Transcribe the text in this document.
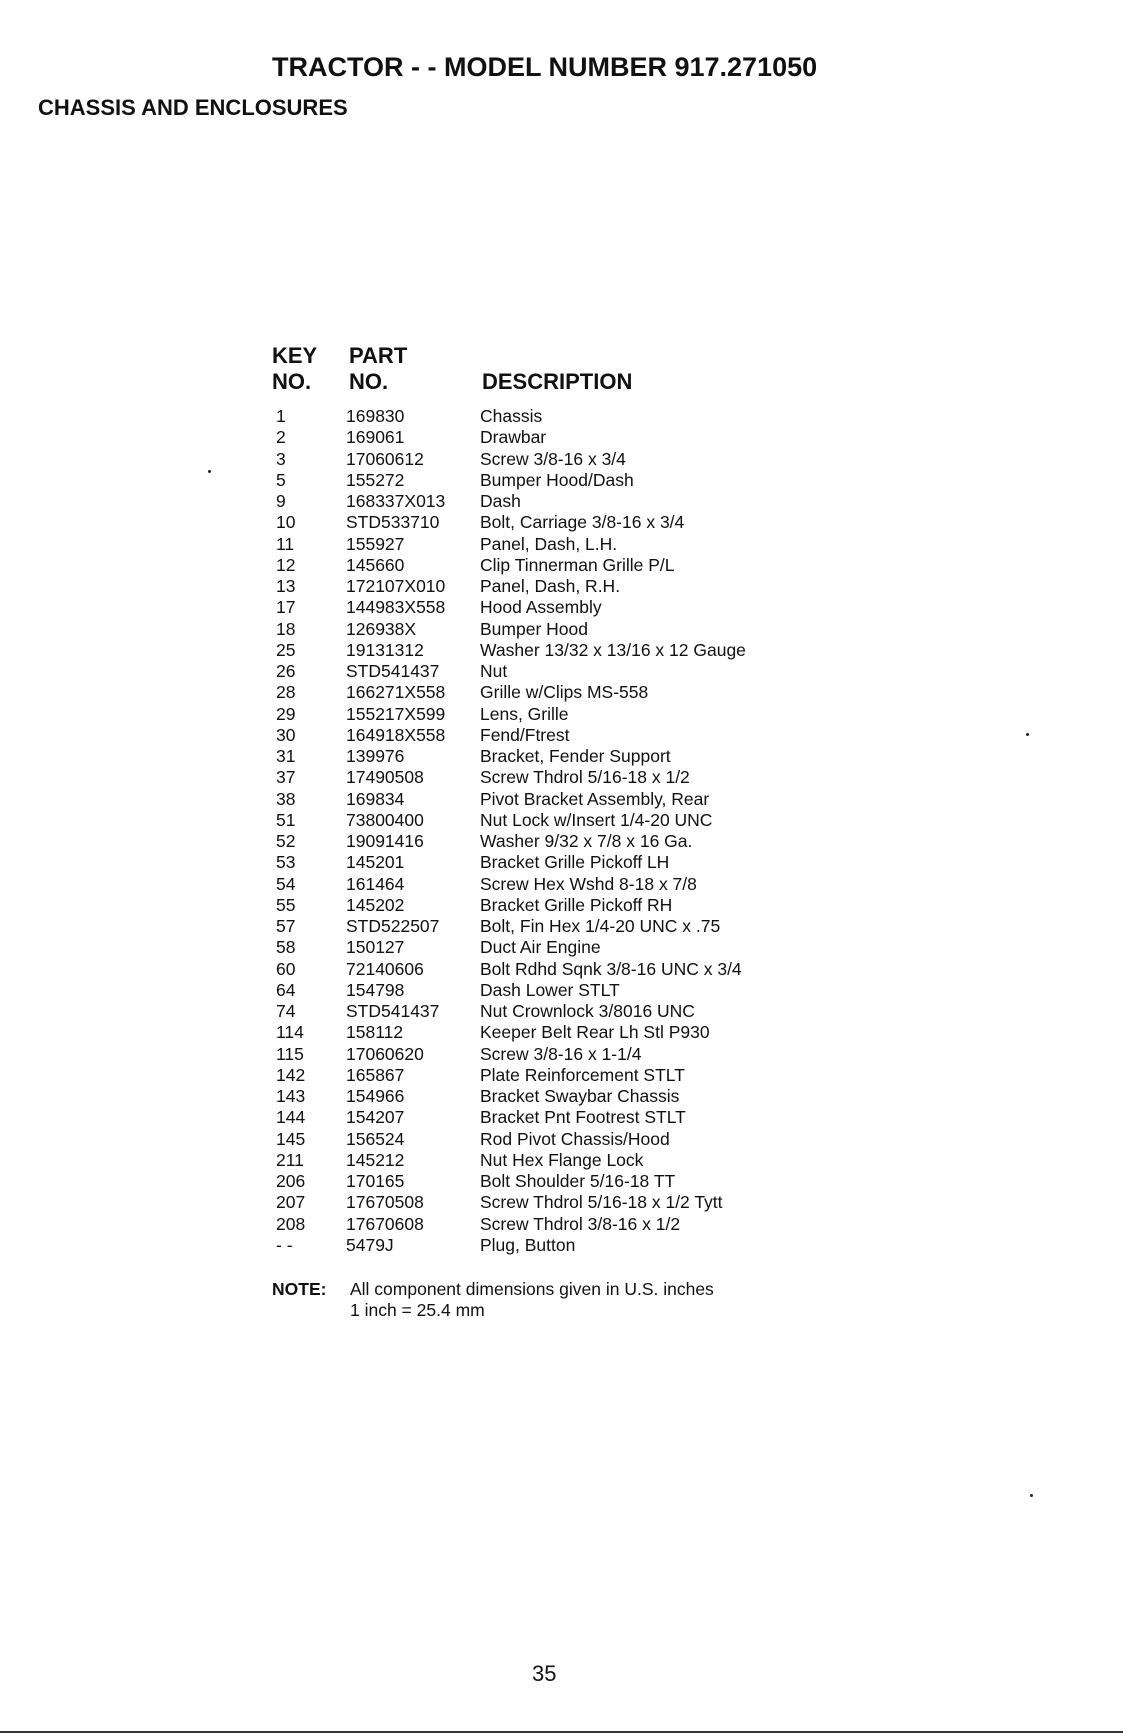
TRACTOR - - MODEL NUMBER 917.271050
CHASSIS AND ENCLOSURES
KEY
NO.
PART
NO.	DESCRIPTION
1	169830	Chassis
2	169061	Drawbar
3	17060612	Screw 3/8-16 x 3/4
5	155272	Bumper Hood/Dash
9	168337X013 Dash
10	STD533710 Bolt, Carriage 3/8-16 x 3/4
11	155927	Panel, Dash, L.H.
12	145660	Clip Tinnerman Grille P/L
13	172107X010 Panel, Dash, R.H.
17	144983X558 Hood Assembly
18	126938X	Bumper Hood
25	19131312	Washer 13/32 x 13/16 x 12 Gauge
26	STD541437 Nut
28	166271X558 Grille w/Clips MS-558
29	155217X599 Lens, Grille
30	164918X558 Fend/Ftrest
31	139976	Bracket, Fender Support
37	17490508	Screw Thdrol 5/16-18 x 1/2
38	169834	Pivot Bracket Assembly, Rear
51	73800400	Nut Lock w/Insert 1/4-20 UNC
52	19091416	Washer 9/32 x 7/8 x 16 Ga.
53	145201	Bracket Grille Pickoff LH
54	161464	Screw Hex Wshd 8-18 x 7/8
55	145202	Bracket Grille Pickoff RH
57	STD522507 Bolt, Fin Hex 1/4-20 UNC x .75
58	150127	Duct Air Engine
60	72140606	Bolt Rdhd Sqnk 3/8-16 UNC x 3/4
64	154798	Dash Lower STLT
74	STD541437 Nut Crownlock 3/8016 UNC
114 158112	Keeper Belt Rear Lh Stl P930
115 17060620	Screw 3/8-16 x 1-1/4
142 165867	Plate Reinforcement STLT
143 154966	Bracket Swaybar Chassis
144 154207	Bracket Pnt Footrest STLT
145 156524	Rod Pivot Chassis/Hood
211 145212	Nut Hex Flange Lock
206 170165	Bolt Shoulder 5/16-18 TT
207 17670508	Screw Thdrol 5/16-18 x 1/2 Tytt
208 17670608	Screw Thdrol 3/8-16 x 1/2
- -	5479J	Plug, Button
NOTE: All component dimensions given in U.S. inches
1 inch = 25.4 mm
35
